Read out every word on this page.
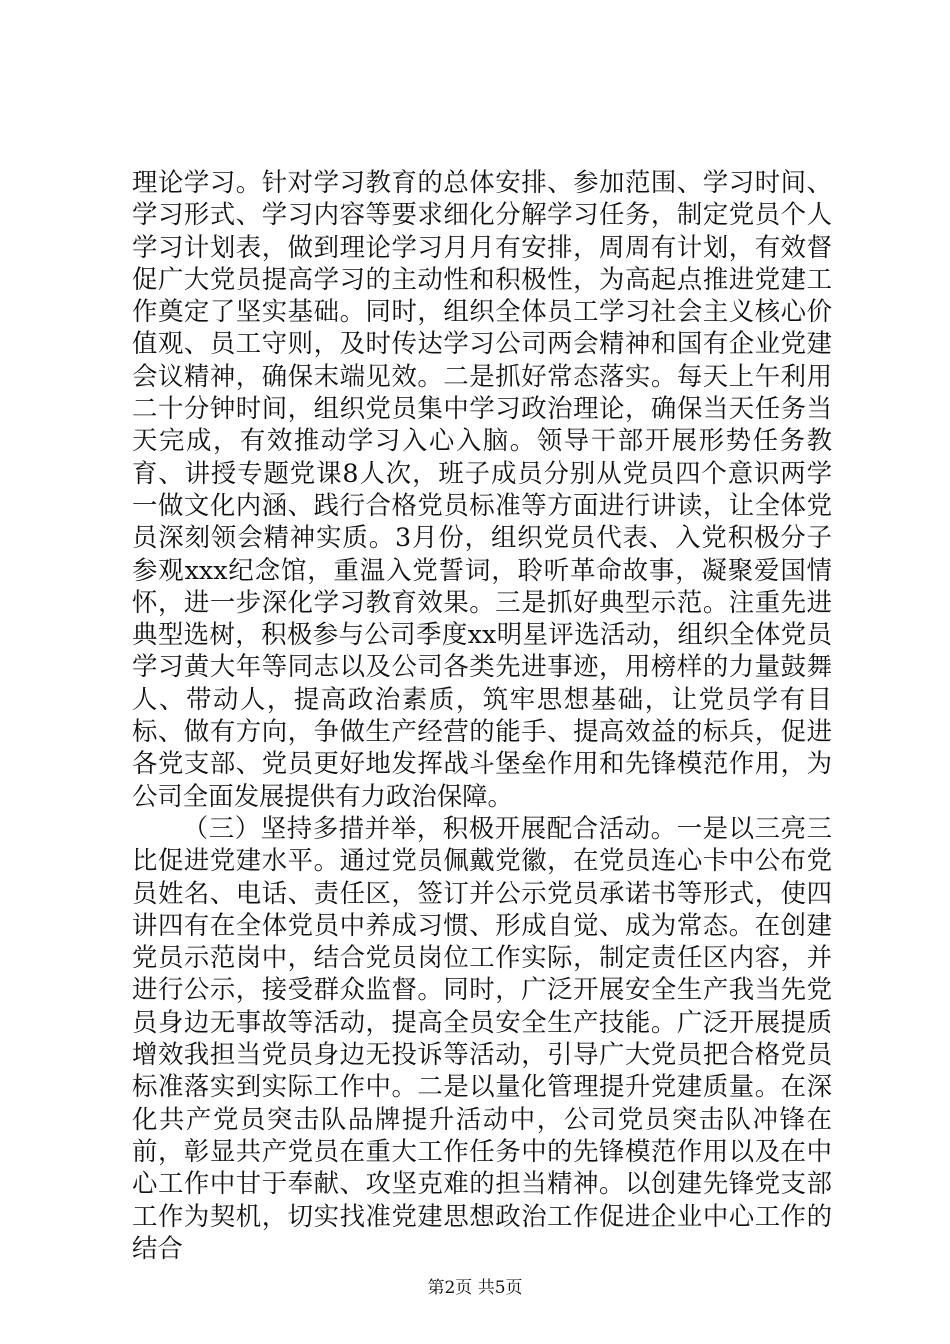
理论学习。针对学习教育的总体安排、参加范围、学习时间、学习形式、学习内容等要求细化分解学习任务，制定党员个人学习计划表，做到理论学习月月有安排，周周有计划，有效督促广大党员提高学习的主动性和积极性，为高起点推进党建工作奠定了坚实基础。同时，组织全体员工学习社会主义核心价值观、员工守则，及时传达学习公司两会精神和国有企业党建会议精神，确保末端见效。二是抓好常态落实。每天上午利用二十分钟时间，组织党员集中学习政治理论，确保当天任务当天完成，有效推动学习入心入脑。领导干部开展形势任务教育、讲授专题党课8人次，班子成员分别从党员四个意识两学一做文化内涵、践行合格党员标准等方面进行讲读，让全体党员深刻领会精神实质。3月份，组织党员代表、入党积极分子参观xxx纪念馆，重温入党誓词，聆听革命故事，凝聚爱国情怀，进一步深化学习教育效果。三是抓好典型示范。注重先进典型选树，积极参与公司季度xx明星评选活动，组织全体党员学习黄大年等同志以及公司各类先进事迹，用榜样的力量鼓舞人、带动人，提高政治素质，筑牢思想基础，让党员学有目标、做有方向，争做生产经营的能手、提高效益的标兵，促进各党支部、党员更好地发挥战斗堡垒作用和先锋模范作用，为公司全面发展提供有力政治保障。

（三）坚持多措并举，积极开展配合活动。一是以三亮三比促进党建水平。通过党员佩戴党徽，在党员连心卡中公布党员姓名、电话、责任区，签订并公示党员承诺书等形式，使四讲四有在全体党员中养成习惯、形成自觉、成为常态。在创建党员示范岗中，结合党员岗位工作实际，制定责任区内容，并进行公示，接受群众监督。同时，广泛开展安全生产我当先党员身边无事故等活动，提高全员安全生产技能。广泛开展提质增效我担当党员身边无投诉等活动，引导广大党员把合格党员标准落实到实际工作中。二是以量化管理提升党建质量。在深化共产党员突击队品牌提升活动中，公司党员突击队冲锋在前，彰显共产党员在重大工作任务中的先锋模范作用以及在中心工作中甘于奉献、攻坚克难的担当精神。以创建先锋党支部工作为契机，切实找准党建思想政治工作促进企业中心工作的结合

第2页 共5页
